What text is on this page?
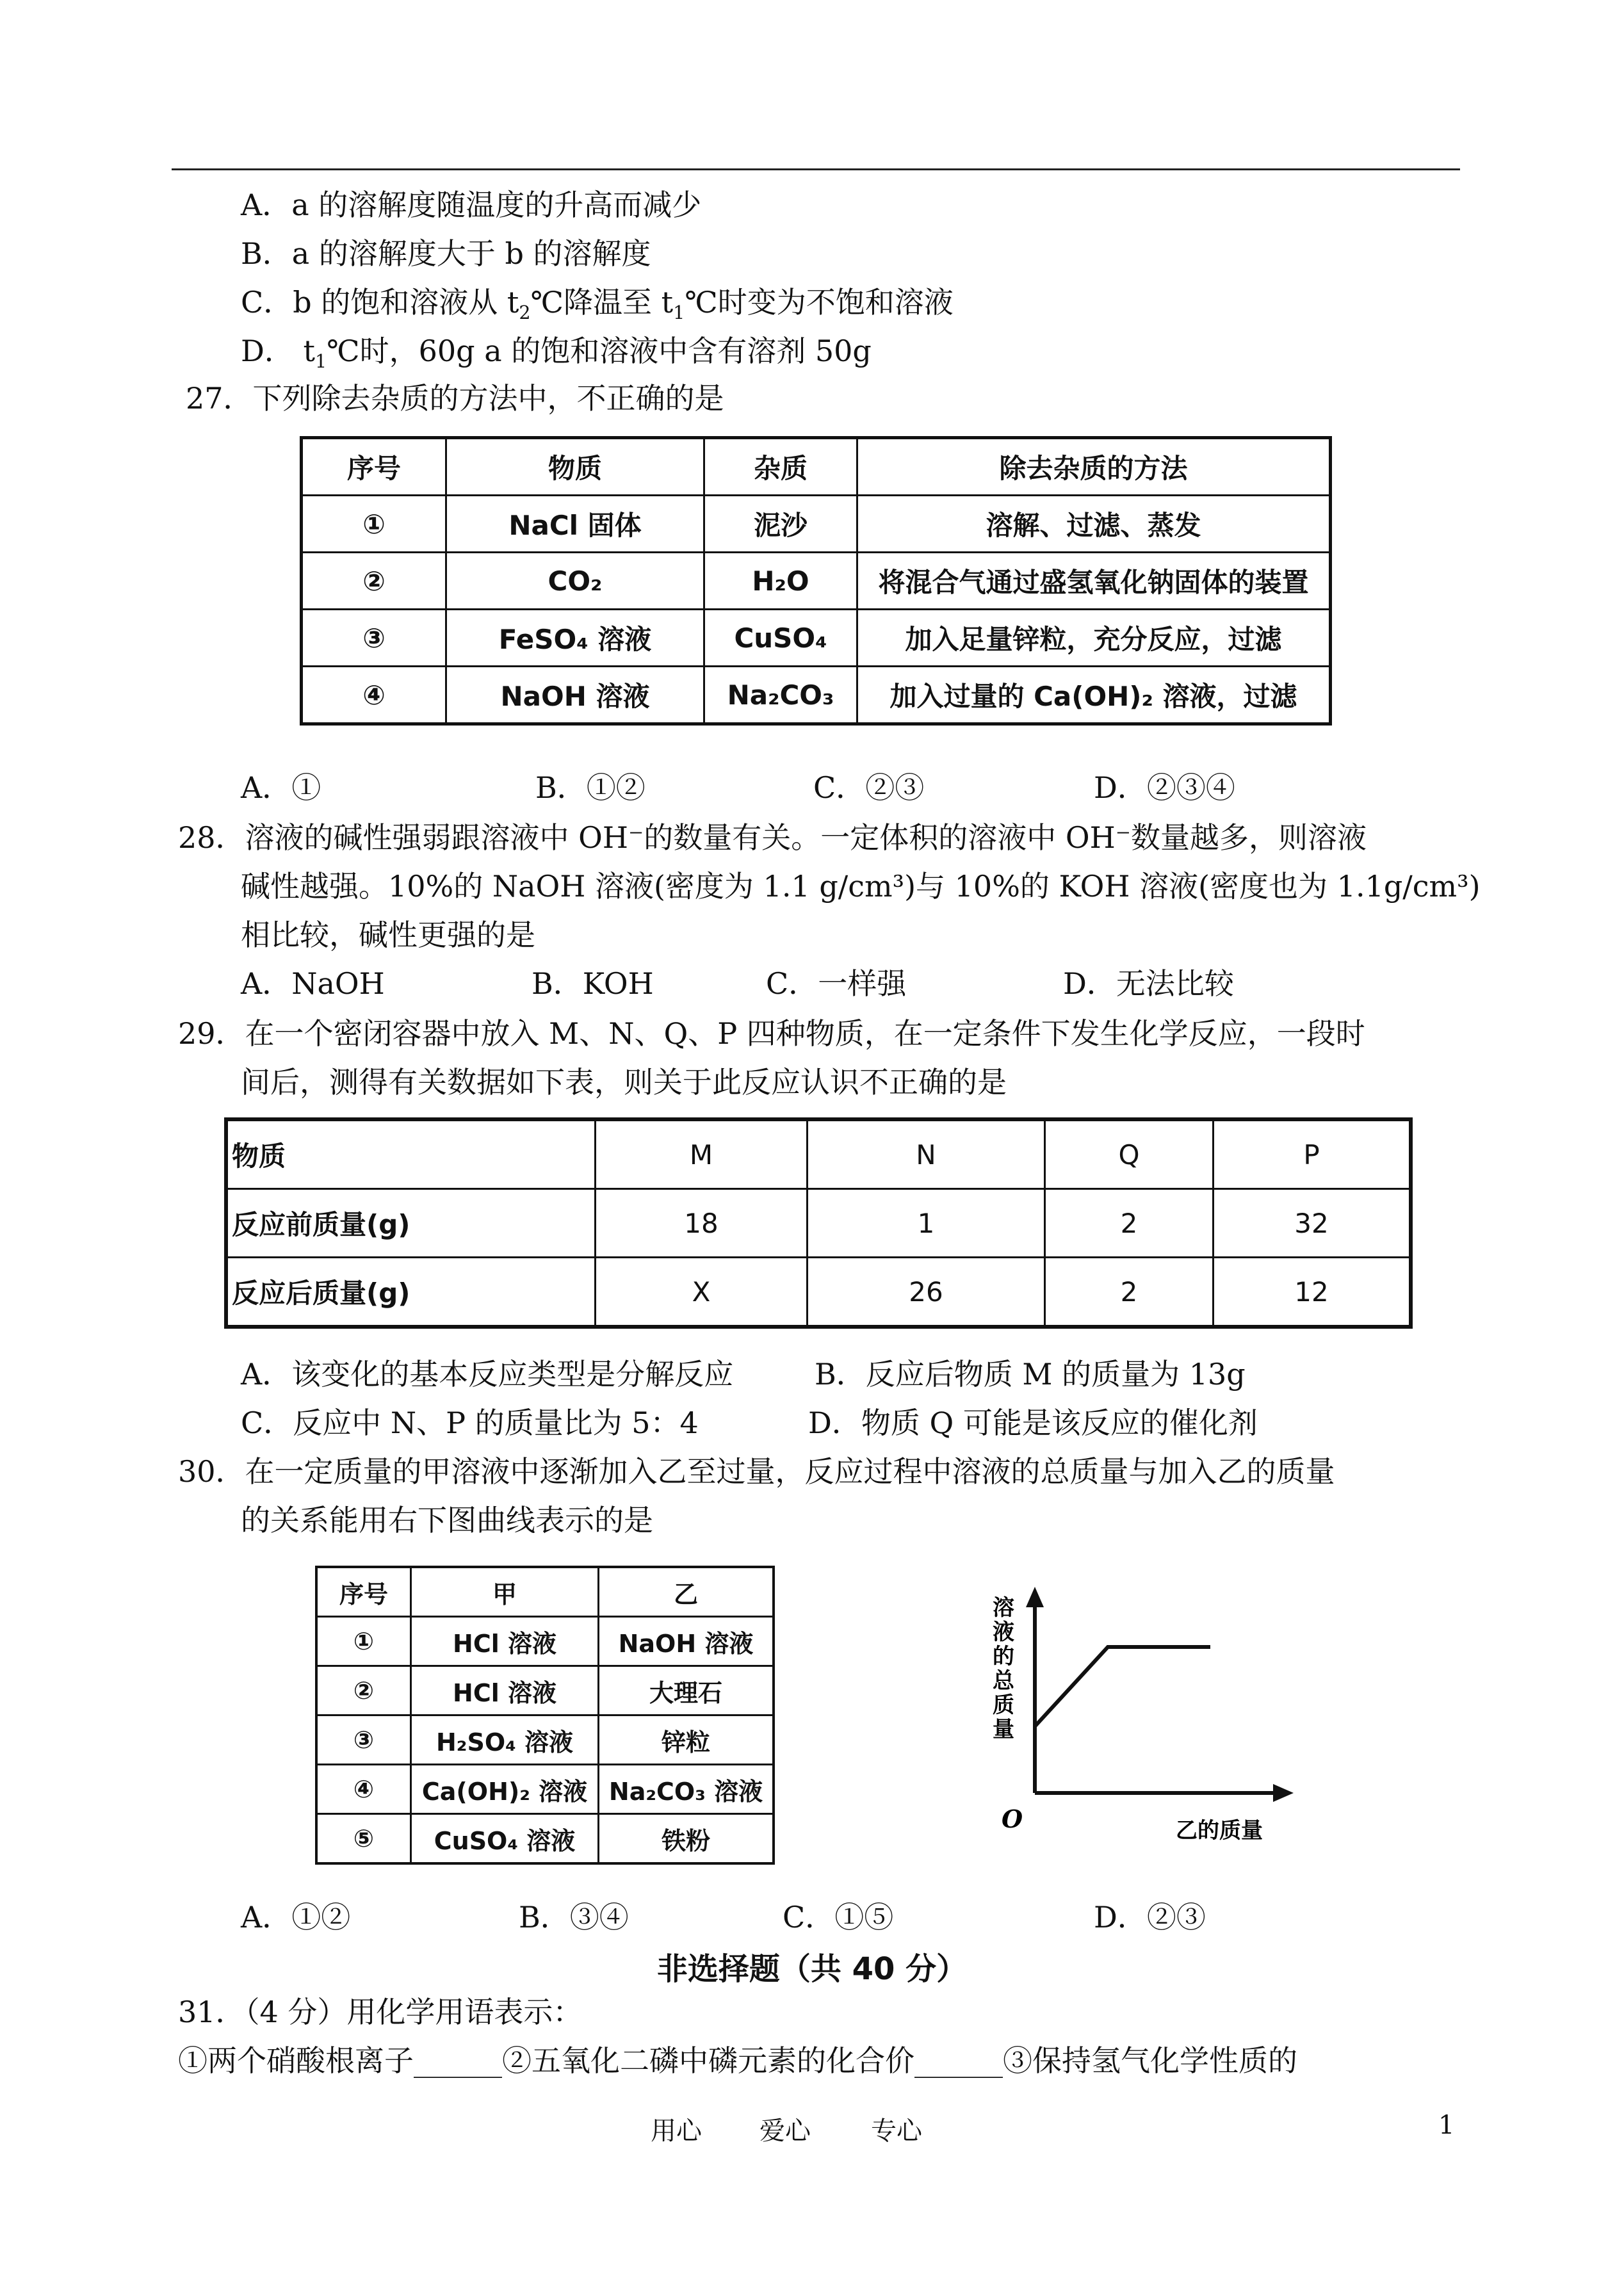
A．a 的溶解度随温度的升高而减少
B．a 的溶解度大于 b 的溶解度
C．b 的饱和溶液从 $t_2℃$降温至 $t_1℃$时变为不饱和溶液
D． $t_1℃$时，60g a 的饱和溶液中含有溶剂 50g
27．下列除去杂质的方法中，不正确的是
序号	物质	杂质	除去杂质的方法
①	NaCl 固体	泥沙	溶解、过滤、蒸发
②	CO₂	H₂O	将混合气通过盛氢氧化钠固体的装置
③	FeSO₄ 溶液	CuSO₄	加入足量锌粒，充分反应，过滤
④	NaOH 溶液	Na₂CO₃	加入过量的 Ca(OH)₂ 溶液，过滤
A．①	B．①②	C．②③	D．②③④
28．溶液的碱性强弱跟溶液中 OH⁻的数量有关。一定体积的溶液中 OH⁻数量越多，则溶液
碱性越强。10%的 NaOH 溶液(密度为 1.1 g/cm³)与 10%的 KOH 溶液(密度也为 1.1g/cm³)
相比较，碱性更强的是
A．NaOH	B．KOH	C．一样强	D．无法比较
29．在一个密闭容器中放入 M、N、Q、P 四种物质，在一定条件下发生化学反应，一段时
间后，测得有关数据如下表，则关于此反应认识不正确的是
物质	M	N	Q	P
反应前质量(g)	18	1	2	32
反应后质量(g)	X	26	2	12
A．该变化的基本反应类型是分解反应	B．反应后物质 M 的质量为 13g
C．反应中 N、P 的质量比为 5：4	D．物质 Q 可能是该反应的催化剂
30．在一定质量的甲溶液中逐渐加入乙至过量，反应过程中溶液的总质量与加入乙的质量
的关系能用右下图曲线表示的是
序号	甲	乙
①	HCl 溶液	NaOH 溶液
②	HCl 溶液	大理石
③	H₂SO₄ 溶液	锌粒
④	Ca(OH)₂ 溶液	Na₂CO₃ 溶液
⑤	CuSO₄ 溶液	铁粉
溶 液 的 总 质 量
O	乙的质量
A．①②	B．③④	C．①⑤	D．②③
非选择题（共 40 分）
31．（4 分）用化学用语表示：
①两个硝酸根离子______②五氧化二磷中磷元素的化合价______③保持氢气化学性质的
用心 爱心 专心	1
